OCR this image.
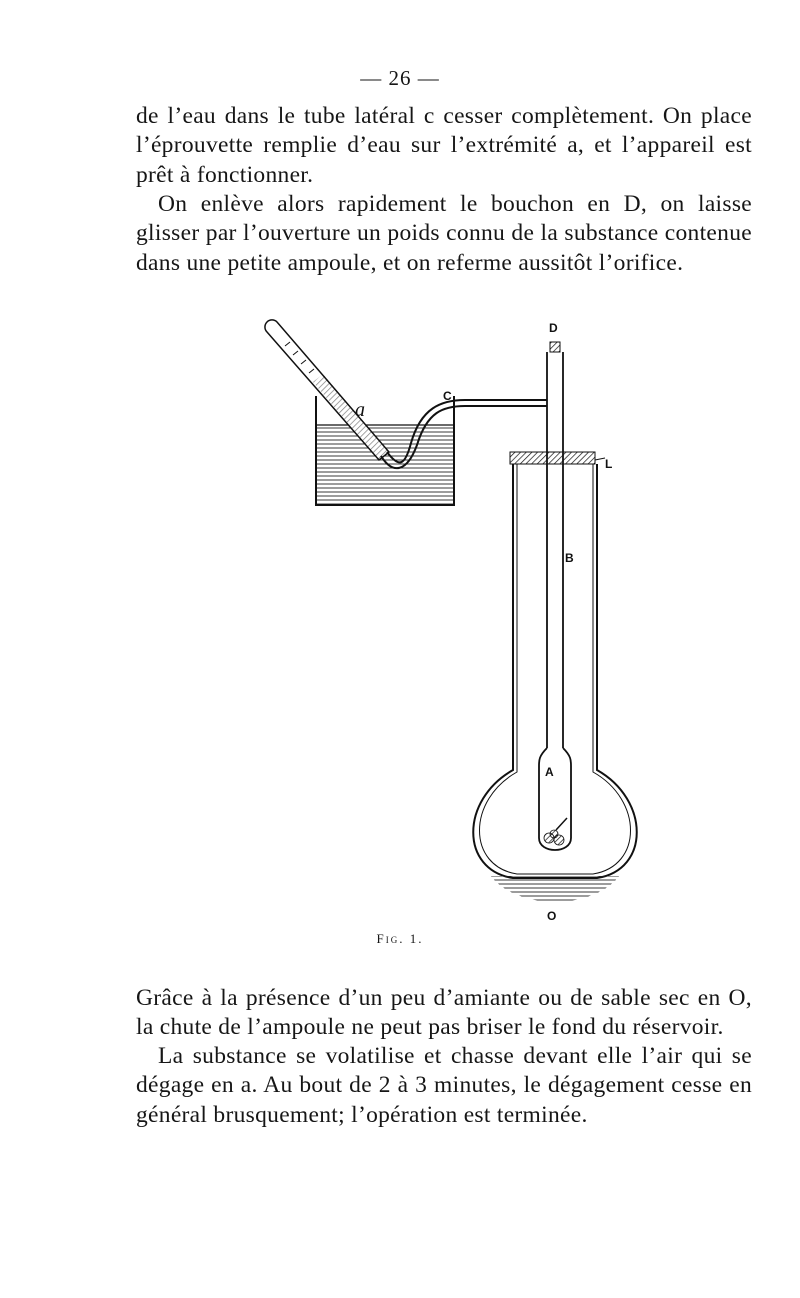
— 26 —

de l’eau dans le tube latéral c cesser complètement. On place l’éprouvette remplie d’eau sur l’extrémité a, et l’appareil est prêt à fonctionner.

On enlève alors rapidement le bouchon en D, on laisse glisser par l’ouverture un poids connu de la substance contenue dans une petite ampoule, et on referme aussitôt l’orifice.

D
C
a
L
B
A
O
Fig. 1.

Grâce à la présence d’un peu d’amiante ou de sable sec en O, la chute de l’ampoule ne peut pas briser le fond du réservoir.

La substance se volatilise et chasse devant elle l’air qui se dégage en a. Au bout de 2 à 3 minutes, le dégagement cesse en général brusquement; l’opération est terminée.
